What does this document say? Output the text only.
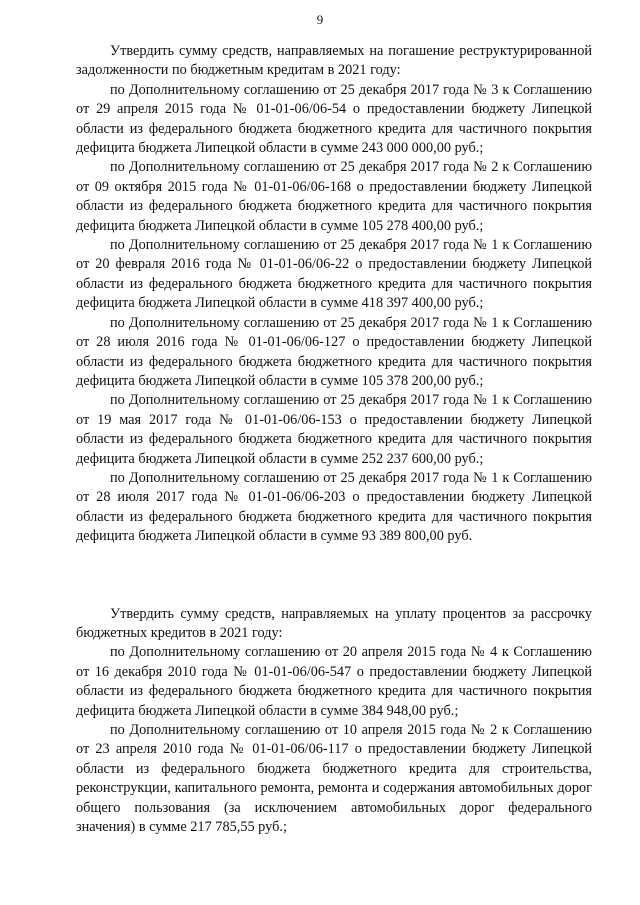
9

Утвердить сумму средств, направляемых на погашение реструктурированной задолженности по бюджетным кредитам в 2021 году:

по Дополнительному соглашению от 25 декабря 2017 года № 3 к Соглашению от 29 апреля 2015 года № 01-01-06/06-54 о предоставлении бюджету Липецкой области из федерального бюджета бюджетного кредита для частичного покрытия дефицита бюджета Липецкой области в сумме 243 000 000,00 руб.;

по Дополнительному соглашению от 25 декабря 2017 года № 2 к Соглашению от 09 октября 2015 года № 01-01-06/06-168 о предоставлении бюджету Липецкой области из федерального бюджета бюджетного кредита для частичного покрытия дефицита бюджета Липецкой области в сумме 105 278 400,00 руб.;

по Дополнительному соглашению от 25 декабря 2017 года № 1 к Соглашению от 20 февраля 2016 года № 01-01-06/06-22 о предоставлении бюджету Липецкой области из федерального бюджета бюджетного кредита для частичного покрытия дефицита бюджета Липецкой области в сумме 418 397 400,00 руб.;

по Дополнительному соглашению от 25 декабря 2017 года № 1 к Соглашению от 28 июля 2016 года № 01-01-06/06-127 о предоставлении бюджету Липецкой области из федерального бюджета бюджетного кредита для частичного покрытия дефицита бюджета Липецкой области в сумме 105 378 200,00 руб.;

по Дополнительному соглашению от 25 декабря 2017 года № 1 к Соглашению от 19 мая 2017 года № 01-01-06/06-153 о предоставлении бюджету Липецкой области из федерального бюджета бюджетного кредита для частичного покрытия дефицита бюджета Липецкой области в сумме 252 237 600,00 руб.;

по Дополнительному соглашению от 25 декабря 2017 года № 1 к Соглашению от 28 июля 2017 года № 01-01-06/06-203 о предоставлении бюджету Липецкой области из федерального бюджета бюджетного кредита для частичного покрытия дефицита бюджета Липецкой области в сумме 93 389 800,00 руб.

Утвердить сумму средств, направляемых на уплату процентов за рассрочку бюджетных кредитов в 2021 году:

по Дополнительному соглашению от 20 апреля 2015 года № 4 к Соглашению от 16 декабря 2010 года № 01-01-06/06-547 о предоставлении бюджету Липецкой области из федерального бюджета бюджетного кредита для частичного покрытия дефицита бюджета Липецкой области в сумме 384 948,00 руб.;

по Дополнительному соглашению от 10 апреля 2015 года № 2 к Соглашению от 23 апреля 2010 года № 01-01-06/06-117 о предоставлении бюджету Липецкой области из федерального бюджета бюджетного кредита для строительства, реконструкции, капитального ремонта, ремонта и содержания автомобильных дорог общего пользования (за исключением автомобильных дорог федерального значения) в сумме 217 785,55 руб.;
